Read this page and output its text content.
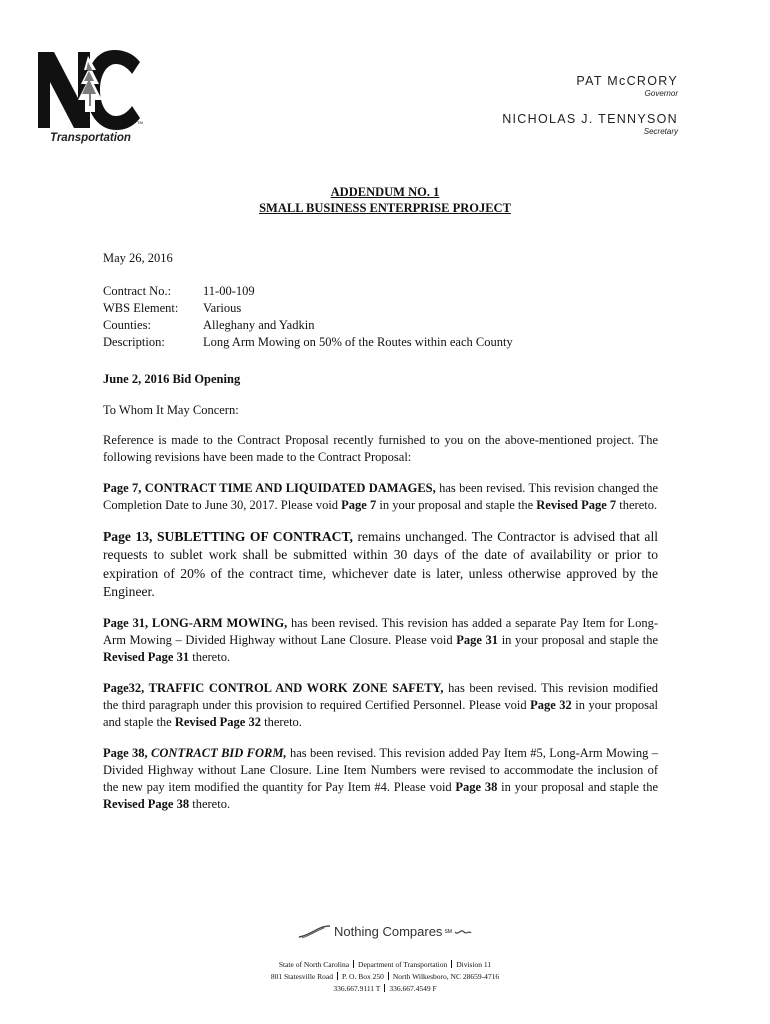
TM
Transportation
PAT McCRORY
Governor
NICHOLAS J. TENNYSON
Secretary
ADDENDUM NO. 1
SMALL BUSINESS ENTERPRISE PROJECT
May 26, 2016
Contract No.:	11-00-109
WBS Element:	Various
Counties:	Alleghany and Yadkin
Description:	Long Arm Mowing on 50% of the Routes within each County
June 2, 2016 Bid Opening
To Whom It May Concern:

Reference is made to the Contract Proposal recently furnished to you on the above-mentioned project. The following revisions have been made to the Contract Proposal:

Page 7, CONTRACT TIME AND LIQUIDATED DAMAGES, has been revised. This revision changed the Completion Date to June 30, 2017. Please void Page 7 in your proposal and staple the Revised Page 7 thereto.

Page 13, SUBLETTING OF CONTRACT, remains unchanged. The Contractor is advised that all requests to sublet work shall be submitted within 30 days of the date of availability or prior to expiration of 20% of the contract time, whichever date is later, unless otherwise approved by the Engineer.

Page 31, LONG-ARM MOWING, has been revised. This revision has added a separate Pay Item for Long-Arm Mowing – Divided Highway without Lane Closure. Please void Page 31 in your proposal and staple the Revised Page 31 thereto.

Page32, TRAFFIC CONTROL AND WORK ZONE SAFETY, has been revised. This revision modified the third paragraph under this provision to required Certified Personnel. Please void Page 32 in your proposal and staple the Revised Page 32 thereto.

Page 38, CONTRACT BID FORM, has been revised. This revision added Pay Item #5, Long-Arm Mowing – Divided Highway without Lane Closure. Line Item Numbers were revised to accommodate the inclusion of the new pay item modified the quantity for Pay Item #4. Please void Page 38 in your proposal and staple the Revised Page 38 thereto.

Nothing Compares SM
State of North Carolina Department of Transportation Division 11
801 Statesville Road P. O. Box 250 North Wilkesboro, NC 28659-4716
336.667.9111 T 336.667.4549 F
